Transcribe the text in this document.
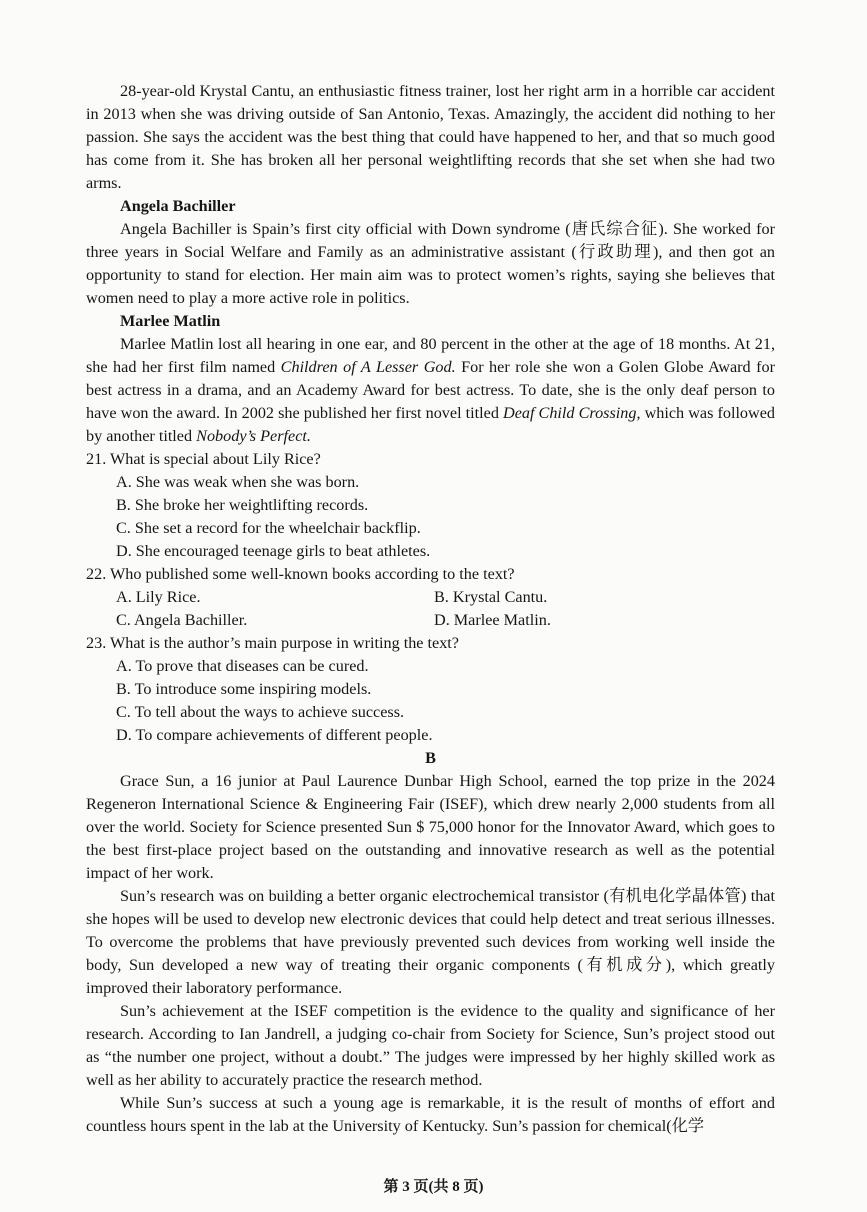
28-year-old Krystal Cantu, an enthusiastic fitness trainer, lost her right arm in a horrible car accident in 2013 when she was driving outside of San Antonio, Texas. Amazingly, the accident did nothing to her passion. She says the accident was the best thing that could have happened to her, and that so much good has come from it. She has broken all her personal weightlifting records that she set when she had two arms.

Angela Bachiller

Angela Bachiller is Spain’s first city official with Down syndrome (唐氏综合征). She worked for three years in Social Welfare and Family as an administrative assistant (行政助理), and then got an opportunity to stand for election. Her main aim was to protect women’s rights, saying she believes that women need to play a more active role in politics.

Marlee Matlin

Marlee Matlin lost all hearing in one ear, and 80 percent in the other at the age of 18 months. At 21, she had her first film named Children of A Lesser God. For her role she won a Golen Globe Award for best actress in a drama, and an Academy Award for best actress. To date, she is the only deaf person to have won the award. In 2002 she published her first novel titled Deaf Child Crossing, which was followed by another titled Nobody’s Perfect.

21. What is special about Lily Rice?

A. She was weak when she was born.

B. She broke her weightlifting records.

C. She set a record for the wheelchair backflip.

D. She encouraged teenage girls to beat athletes.

22. Who published some well-known books according to the text?

A. Lily Rice.	B. Krystal Cantu.
C. Angela Bachiller.	D. Marlee Matlin.

23. What is the author’s main purpose in writing the text?

A. To prove that diseases can be cured.

B. To introduce some inspiring models.

C. To tell about the ways to achieve success.

D. To compare achievements of different people.

B

Grace Sun, a 16 junior at Paul Laurence Dunbar High School, earned the top prize in the 2024 Regeneron International Science & Engineering Fair (ISEF), which drew nearly 2,000 students from all over the world. Society for Science presented Sun $ 75,000 honor for the Innovator Award, which goes to the best first-place project based on the outstanding and innovative research as well as the potential impact of her work.

Sun’s research was on building a better organic electrochemical transistor (有机电化学晶体管) that she hopes will be used to develop new electronic devices that could help detect and treat serious illnesses. To overcome the problems that have previously prevented such devices from working well inside the body, Sun developed a new way of treating their organic components (有机成分), which greatly improved their laboratory performance.

Sun’s achievement at the ISEF competition is the evidence to the quality and significance of her research. According to Ian Jandrell, a judging co-chair from Society for Science, Sun’s project stood out as “the number one project, without a doubt.” The judges were impressed by her highly skilled work as well as her ability to accurately practice the research method.

While Sun’s success at such a young age is remarkable, it is the result of months of effort and countless hours spent in the lab at the University of Kentucky. Sun’s passion for chemical(化学

第 3 页(共 8 页)
